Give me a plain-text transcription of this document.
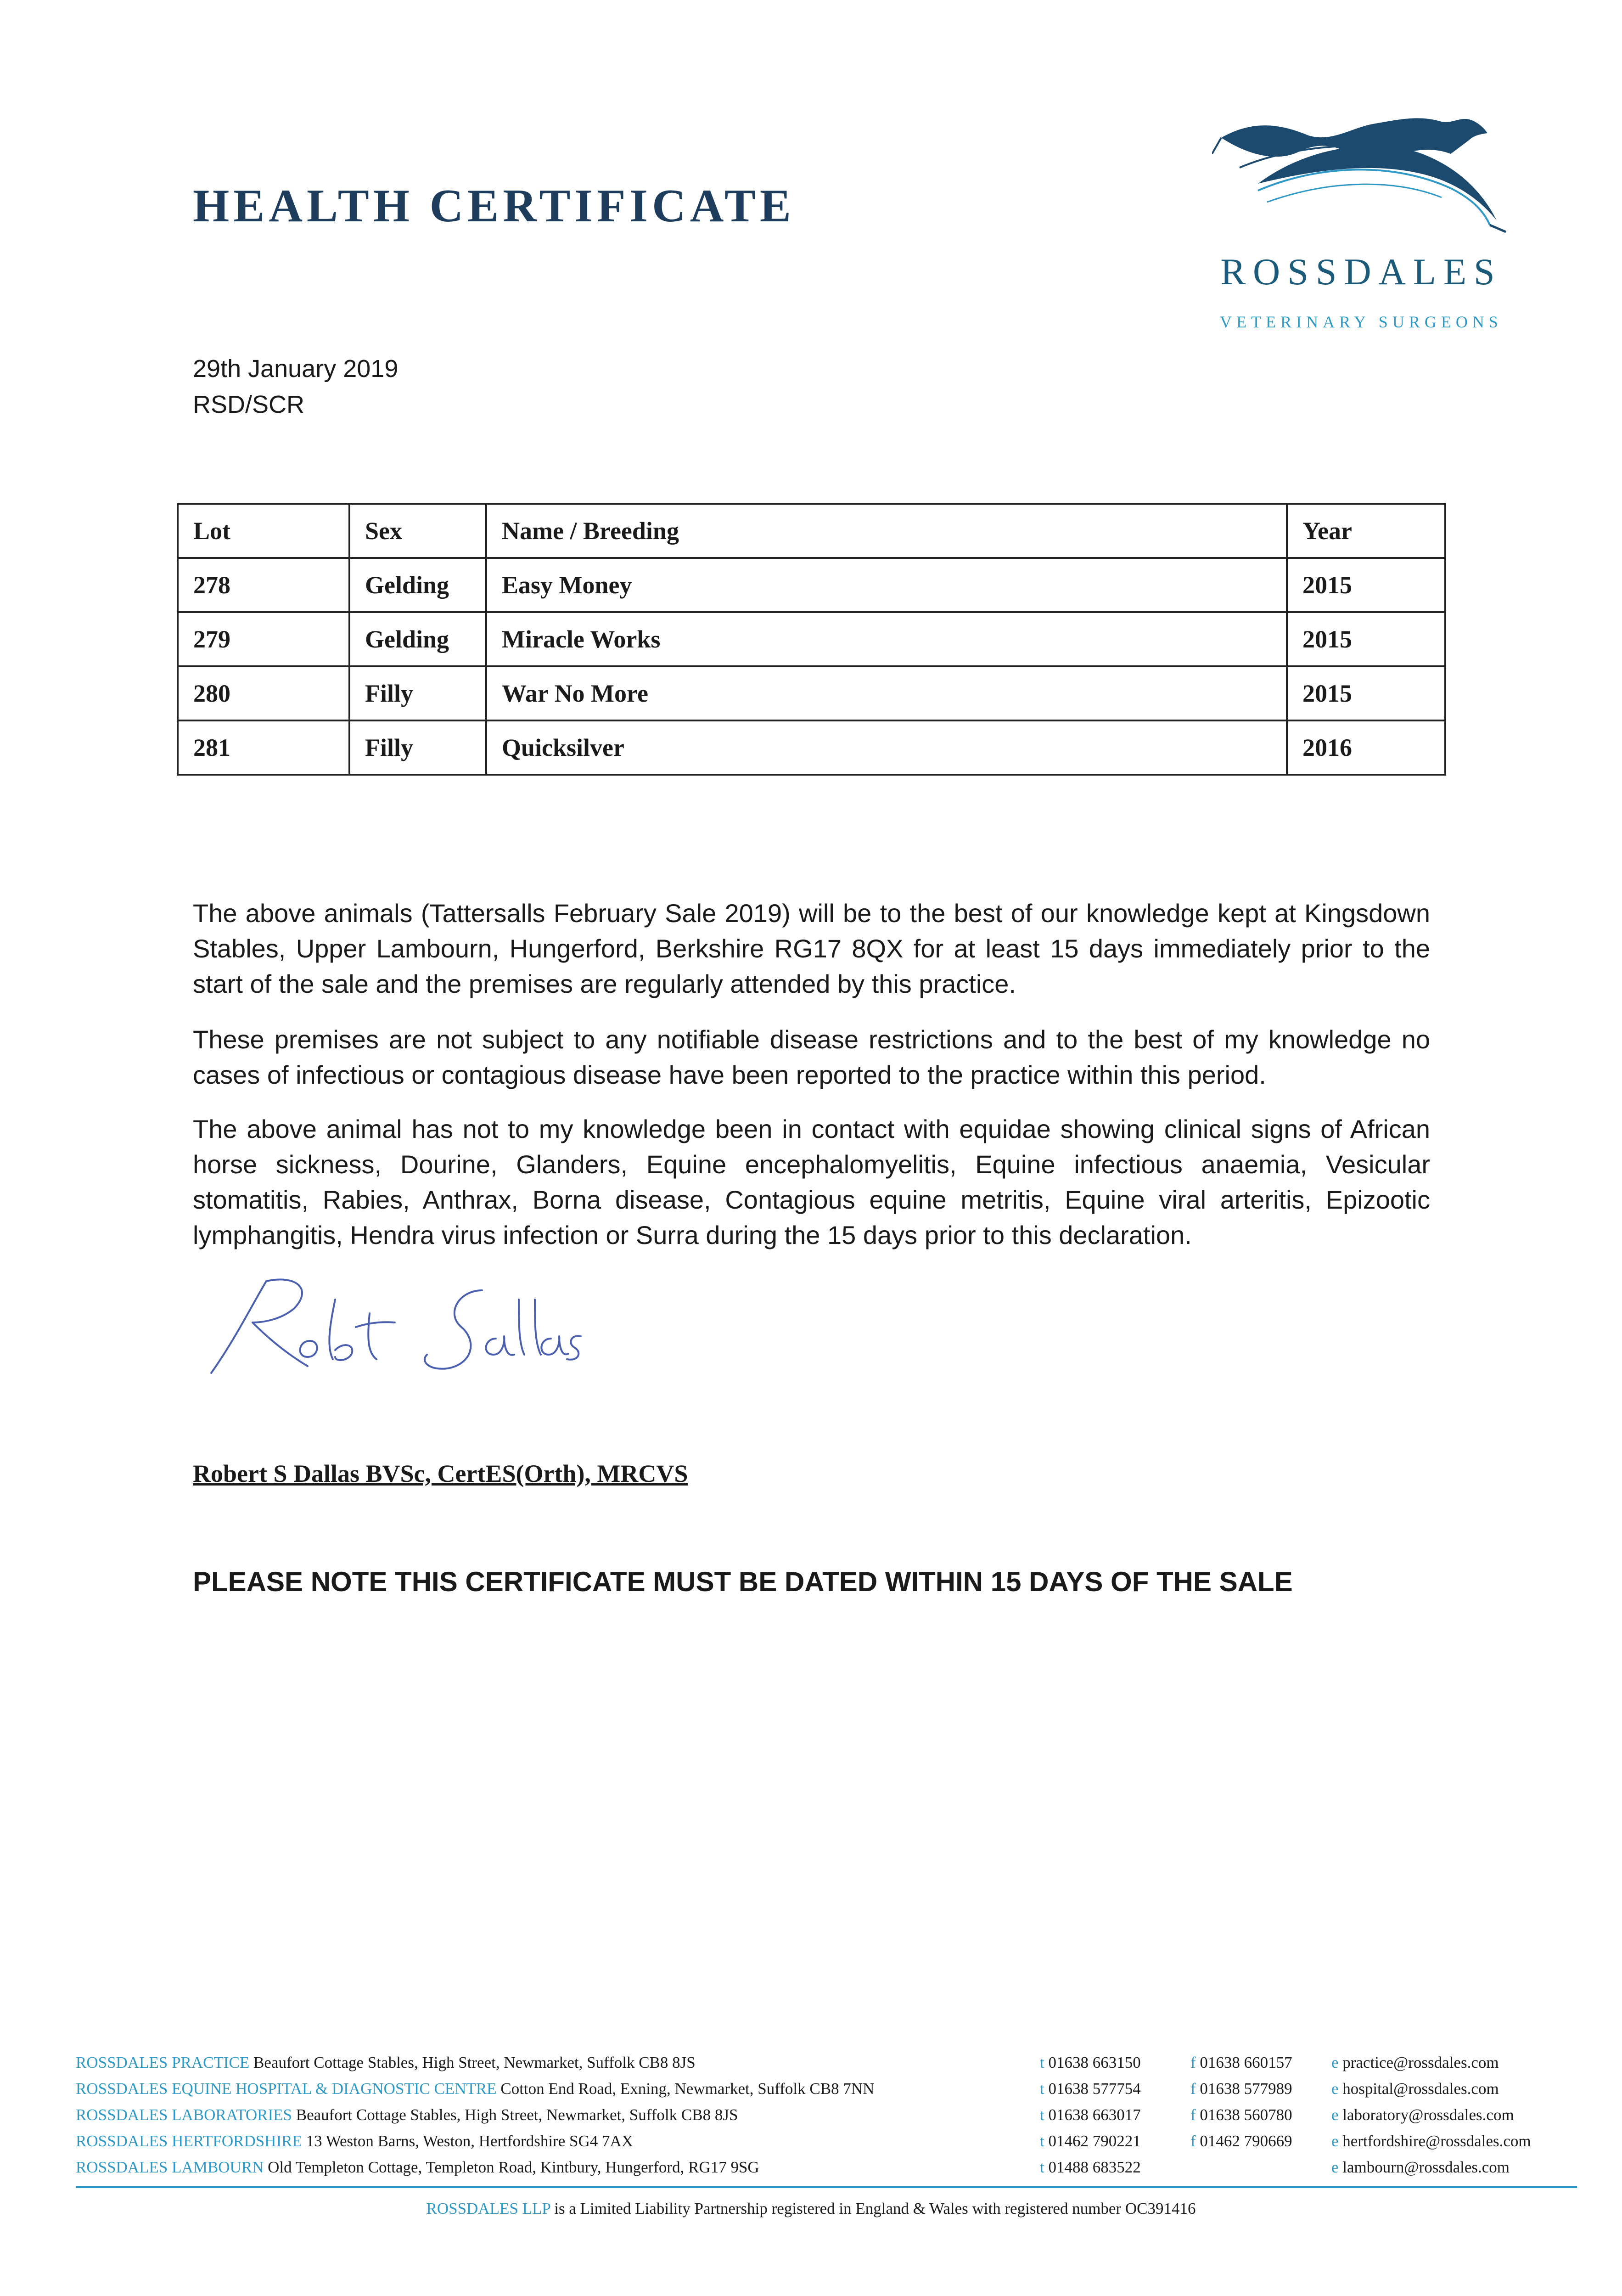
HEALTH CERTIFICATE
ROSSDALES
VETERINARY SURGEONS
29th January 2019
RSD/SCR
Lot	Sex	Name / Breeding	Year
278	Gelding	Easy Money	2015
279	Gelding	Miracle Works	2015
280	Filly	War No More	2015
281	Filly	Quicksilver	2016
The above animals (Tattersalls February Sale 2019) will be to the best of our knowledge kept at Kingsdown Stables, Upper Lambourn, Hungerford, Berkshire RG17 8QX for at least 15 days immediately prior to the start of the sale and the premises are regularly attended by this practice.
These premises are not subject to any notifiable disease restrictions and to the best of my knowledge no cases of infectious or contagious disease have been reported to the practice within this period.
The above animal has not to my knowledge been in contact with equidae showing clinical signs of African horse sickness, Dourine, Glanders, Equine encephalomyelitis, Equine infectious anaemia, Vesicular stomatitis, Rabies, Anthrax, Borna disease, Contagious equine metritis, Equine viral arteritis, Epizootic lymphangitis, Hendra virus infection or Surra during the 15 days prior to this declaration.
Robert S Dallas BVSc, CertES(Orth), MRCVS
PLEASE NOTE THIS CERTIFICATE MUST BE DATED WITHIN 15 DAYS OF THE SALE
ROSSDALES PRACTICE Beaufort Cottage Stables, High Street, Newmarket, Suffolk CB8 8JS	t 01638 663150	f 01638 660157 e practice@rossdales.com
ROSSDALES EQUINE HOSPITAL & DIAGNOSTIC CENTRE Cotton End Road, Exning, Newmarket, Suffolk CB8 7NN	t 01638 577754	f 01638 577989 e hospital@rossdales.com
ROSSDALES LABORATORIES Beaufort Cottage Stables, High Street, Newmarket, Suffolk CB8 8JS	t 01638 663017	f 01638 560780 e laboratory@rossdales.com
ROSSDALES HERTFORDSHIRE 13 Weston Barns, Weston, Hertfordshire SG4 7AX	t 01462 790221	f 01462 790669 e hertfordshire@rossdales.com
ROSSDALES LAMBOURN Old Templeton Cottage, Templeton Road, Kintbury, Hungerford, RG17 9SG	t 01488 683522	e lambourn@rossdales.com
ROSSDALES LLP is a Limited Liability Partnership registered in England & Wales with registered number OC391416
